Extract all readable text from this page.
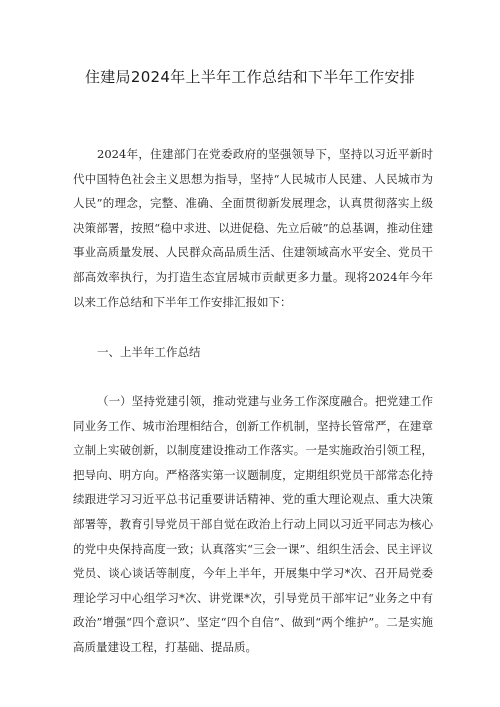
住建局2024年上半年工作总结和下半年工作安排

2024年，住建部门在党委政府的坚强领导下，坚持以习近平新时代中国特色社会主义思想为指导，坚持“人民城市人民建、人民城市为人民”的理念，完整、准确、全面贯彻新发展理念，认真贯彻落实上级决策部署，按照“稳中求进、以进促稳、先立后破”的总基调，推动住建事业高质量发展、人民群众高品质生活、住建领域高水平安全、党员干部高效率执行，为打造生态宜居城市贡献更多力量。现将2024年今年以来工作总结和下半年工作安排汇报如下：

一、上半年工作总结

（一）坚持党建引领，推动党建与业务工作深度融合。把党建工作同业务工作、城市治理相结合，创新工作机制，坚持长管常严，在建章立制上实破创新，以制度建设推动工作落实。一是实施政治引领工程，把导向、明方向。严格落实第一议题制度，定期组织党员干部常态化持续跟进学习习近平总书记重要讲话精神、党的重大理论观点、重大决策部署等，教育引导党员干部自觉在政治上行动上同以习近平同志为核心的党中央保持高度一致；认真落实“三会一课”、组织生活会、民主评议党员、谈心谈话等制度，今年上半年，开展集中学习*次、召开局党委理论学习中心组学习*次、讲党课*次，引导党员干部牢记“业务之中有政治”增强“四个意识”、坚定“四个自信”、做到“两个维护”。二是实施高质量建设工程，打基础、提品质。
